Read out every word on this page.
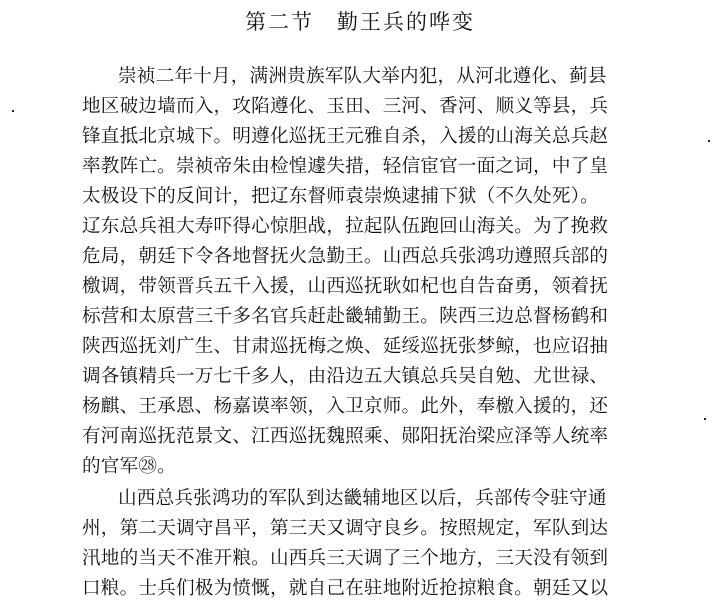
第二节　勤王兵的哗变
崇祯二年十月，满洲贵族军队大举内犯，从河北遵化、蓟县
地区破边墙而入，攻陷遵化、玉田、三河、香河、顺义等县，兵
锋直抵北京城下。明遵化巡抚王元雅自杀，入援的山海关总兵赵
率教阵亡。崇祯帝朱由检惶遽失措，轻信宦官一面之词，中了皇
太极设下的反间计，把辽东督师袁崇焕逮捕下狱（不久处死）。
辽东总兵祖大寿吓得心惊胆战，拉起队伍跑回山海关。为了挽救
危局，朝廷下令各地督抚火急勤王。山西总兵张鸿功遵照兵部的
檄调，带领晋兵五千入援，山西巡抚耿如杞也自告奋勇，领着抚
标营和太原营三千多名官兵赶赴畿辅勤王。陕西三边总督杨鹤和
陕西巡抚刘广生、甘肃巡抚梅之焕、延绥巡抚张梦鲸，也应诏抽
调各镇精兵一万七千多人，由沿边五大镇总兵吴自勉、尤世禄、
杨麒、王承恩、杨嘉谟率领，入卫京师。此外，奉檄入援的，还
有河南巡抚范景文、江西巡抚魏照乘、郧阳抚治梁应泽等人统率
的官军㉘。
山西总兵张鸿功的军队到达畿辅地区以后，兵部传令驻守通
州，第二天调守昌平，第三天又调守良乡。按照规定，军队到达
汛地的当天不准开粮。山西兵三天调了三个地方，三天没有领到
口粮。士兵们极为愤慨，就自己在驻地附近抢掠粮食。朝廷又以
